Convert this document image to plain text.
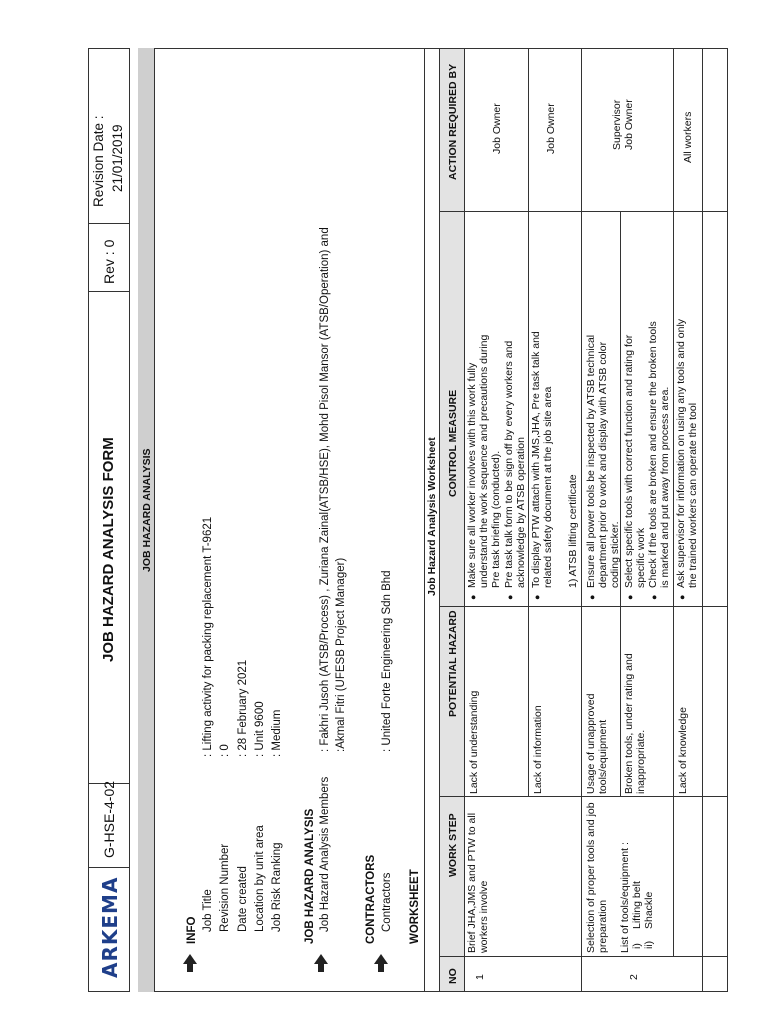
ARKEMA
G-HSE-4-02
JOB HAZARD ANALYSIS FORM
Rev : 0
Revision Date : 21/01/2019
JOB HAZARD ANALYSIS
INFO Job Title Revision Number Date created Location by unit area Job Risk Ranking
: Lifting activity for packing replacement T-9621 : 0 : 28 February 2021 : Unit 9600 : Medium
JOB HAZARD ANALYSIS Job Hazard Analysis Members
: Fakhri Jusoh (ATSB/Process) , Zuriana Zainal(ATSB/HSE), Mohd Pisol Mansor (ATSB/Operation) and :Akmal Fitri (UFESB Project Manager)
CONTRACTORS Contractors
: United Forte Engineering Sdn Bhd
WORKSHEET
Job Hazard Analysis Worksheet
NO
WORK STEP
POTENTIAL HAZARD
CONTROL MEASURE
ACTION REQUIRED BY
1
Brief JHA,JMS and PTW to all workers involve
Lack of understanding
●
Make sure all worker involves with this work fully understand the work sequence and precautions during Pre task briefing (conducted).
●
Pre task talk form to be sign off by every workers and acknowledge by ATSB operation
Job Owner
Lack of information
●
To display PTW attach with JMS,JHA, Pre task talk and related safety document at the job site area 1) ATSB lifting certificate
Job Owner
2
Selection of proper tools and job preparation List of tools/equipment : i)
Lifting belt
ii)
Shackle
Usage of unapproved tools/equipment
●
Ensure all power tools be inspected by ATSB technical department prior to work and display with ATSB color coding sticker.
Broken tools, under rating and inappropriate.
●
Select specific tools with correct function and rating for specific work
●
Check if the tools are broken and ensure the broken tools is marked and put away from process area.
Supervisor Job Owner
Lack of knowledge
●
Ask supervisor for information on using any tools and only the trained workers can operate the tool
All workers
